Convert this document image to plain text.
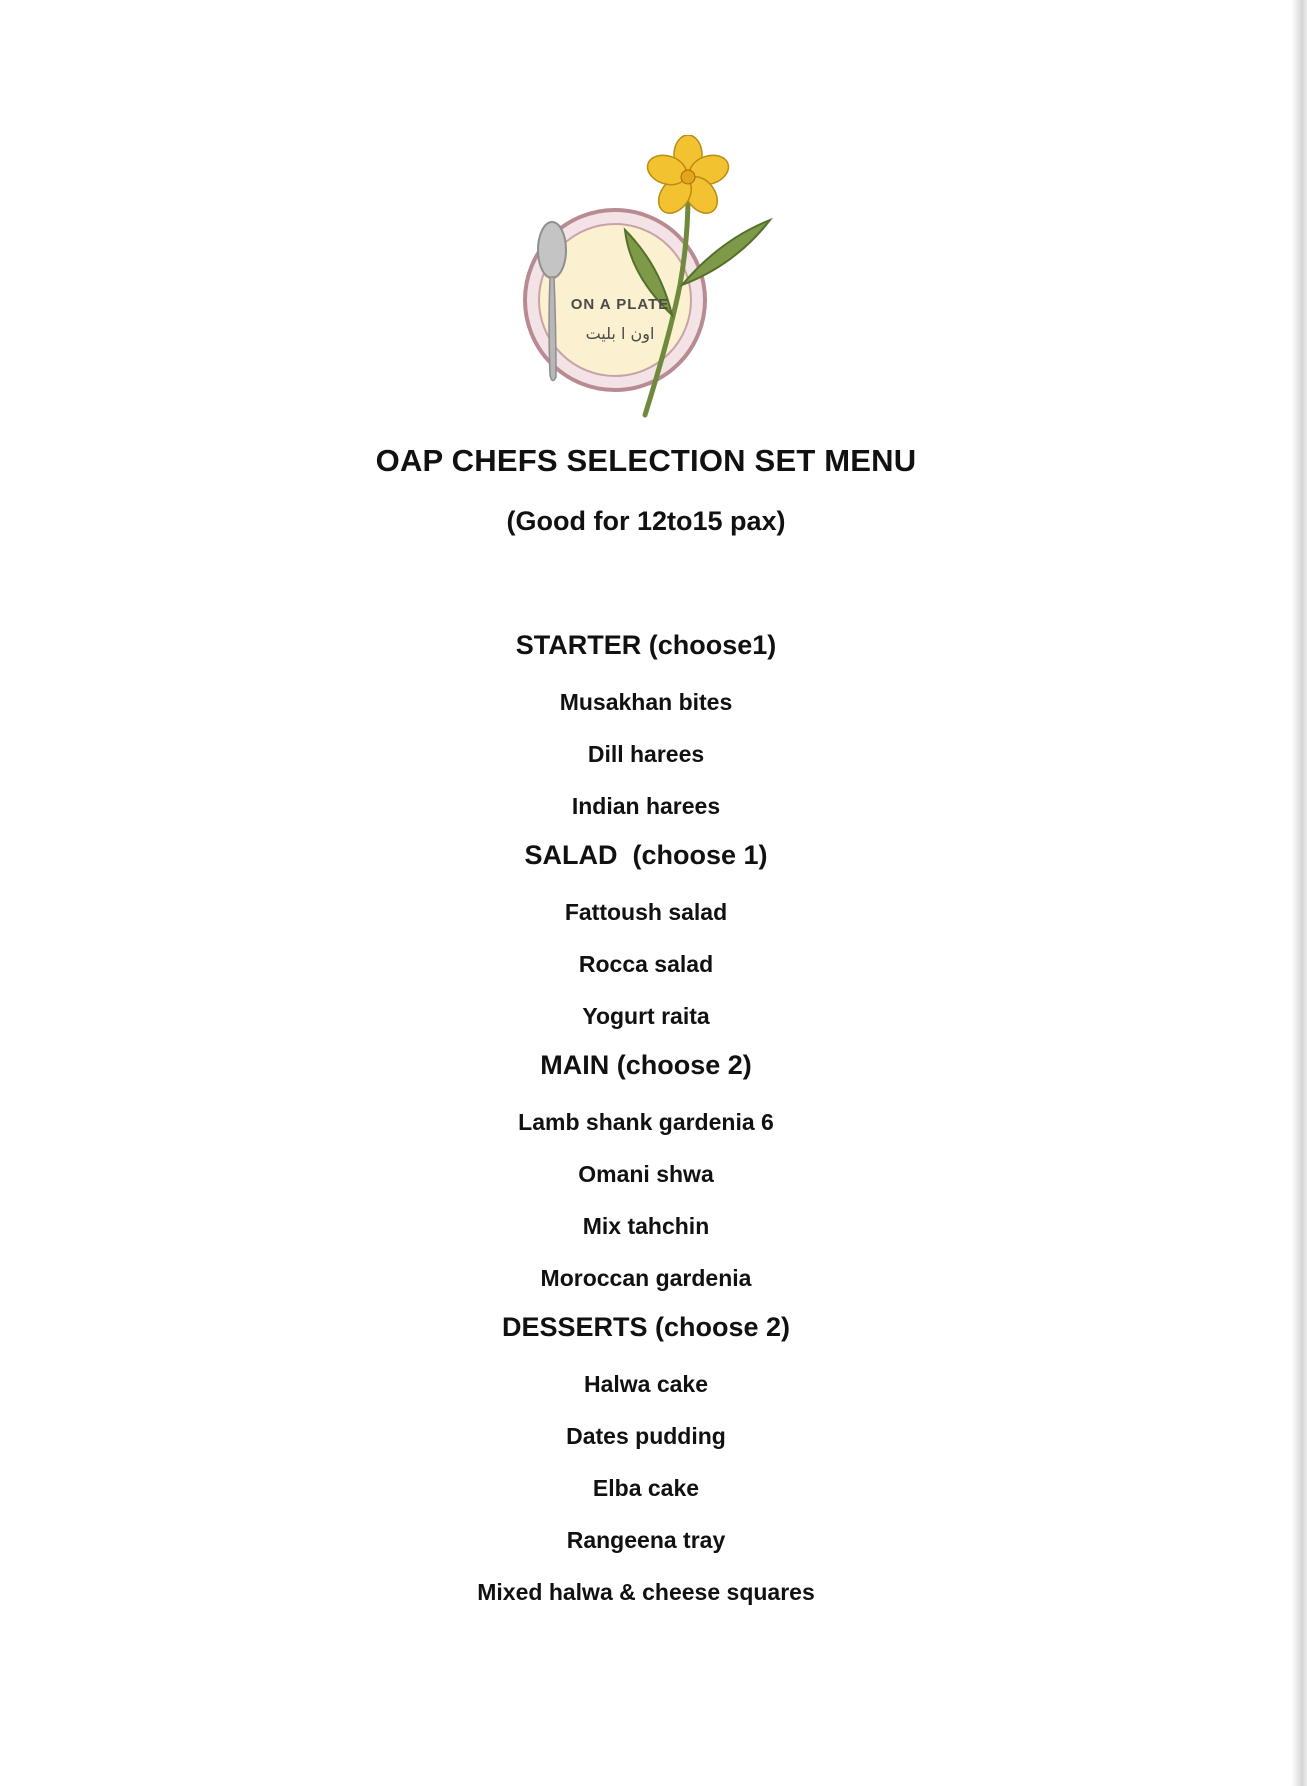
ON A PLATE
اون ا بليت
OAP CHEFS SELECTION SET MENU
(Good for 12to15 pax)
STARTER (choose1)
Musakhan bites
Dill harees
Indian harees
SALAD  (choose 1)
Fattoush salad
Rocca salad
Yogurt raita
MAIN (choose 2)
Lamb shank gardenia 6
Omani shwa
Mix tahchin
Moroccan gardenia
DESSERTS (choose 2)
Halwa cake
Dates pudding
Elba cake
Rangeena tray
Mixed halwa & cheese squares
